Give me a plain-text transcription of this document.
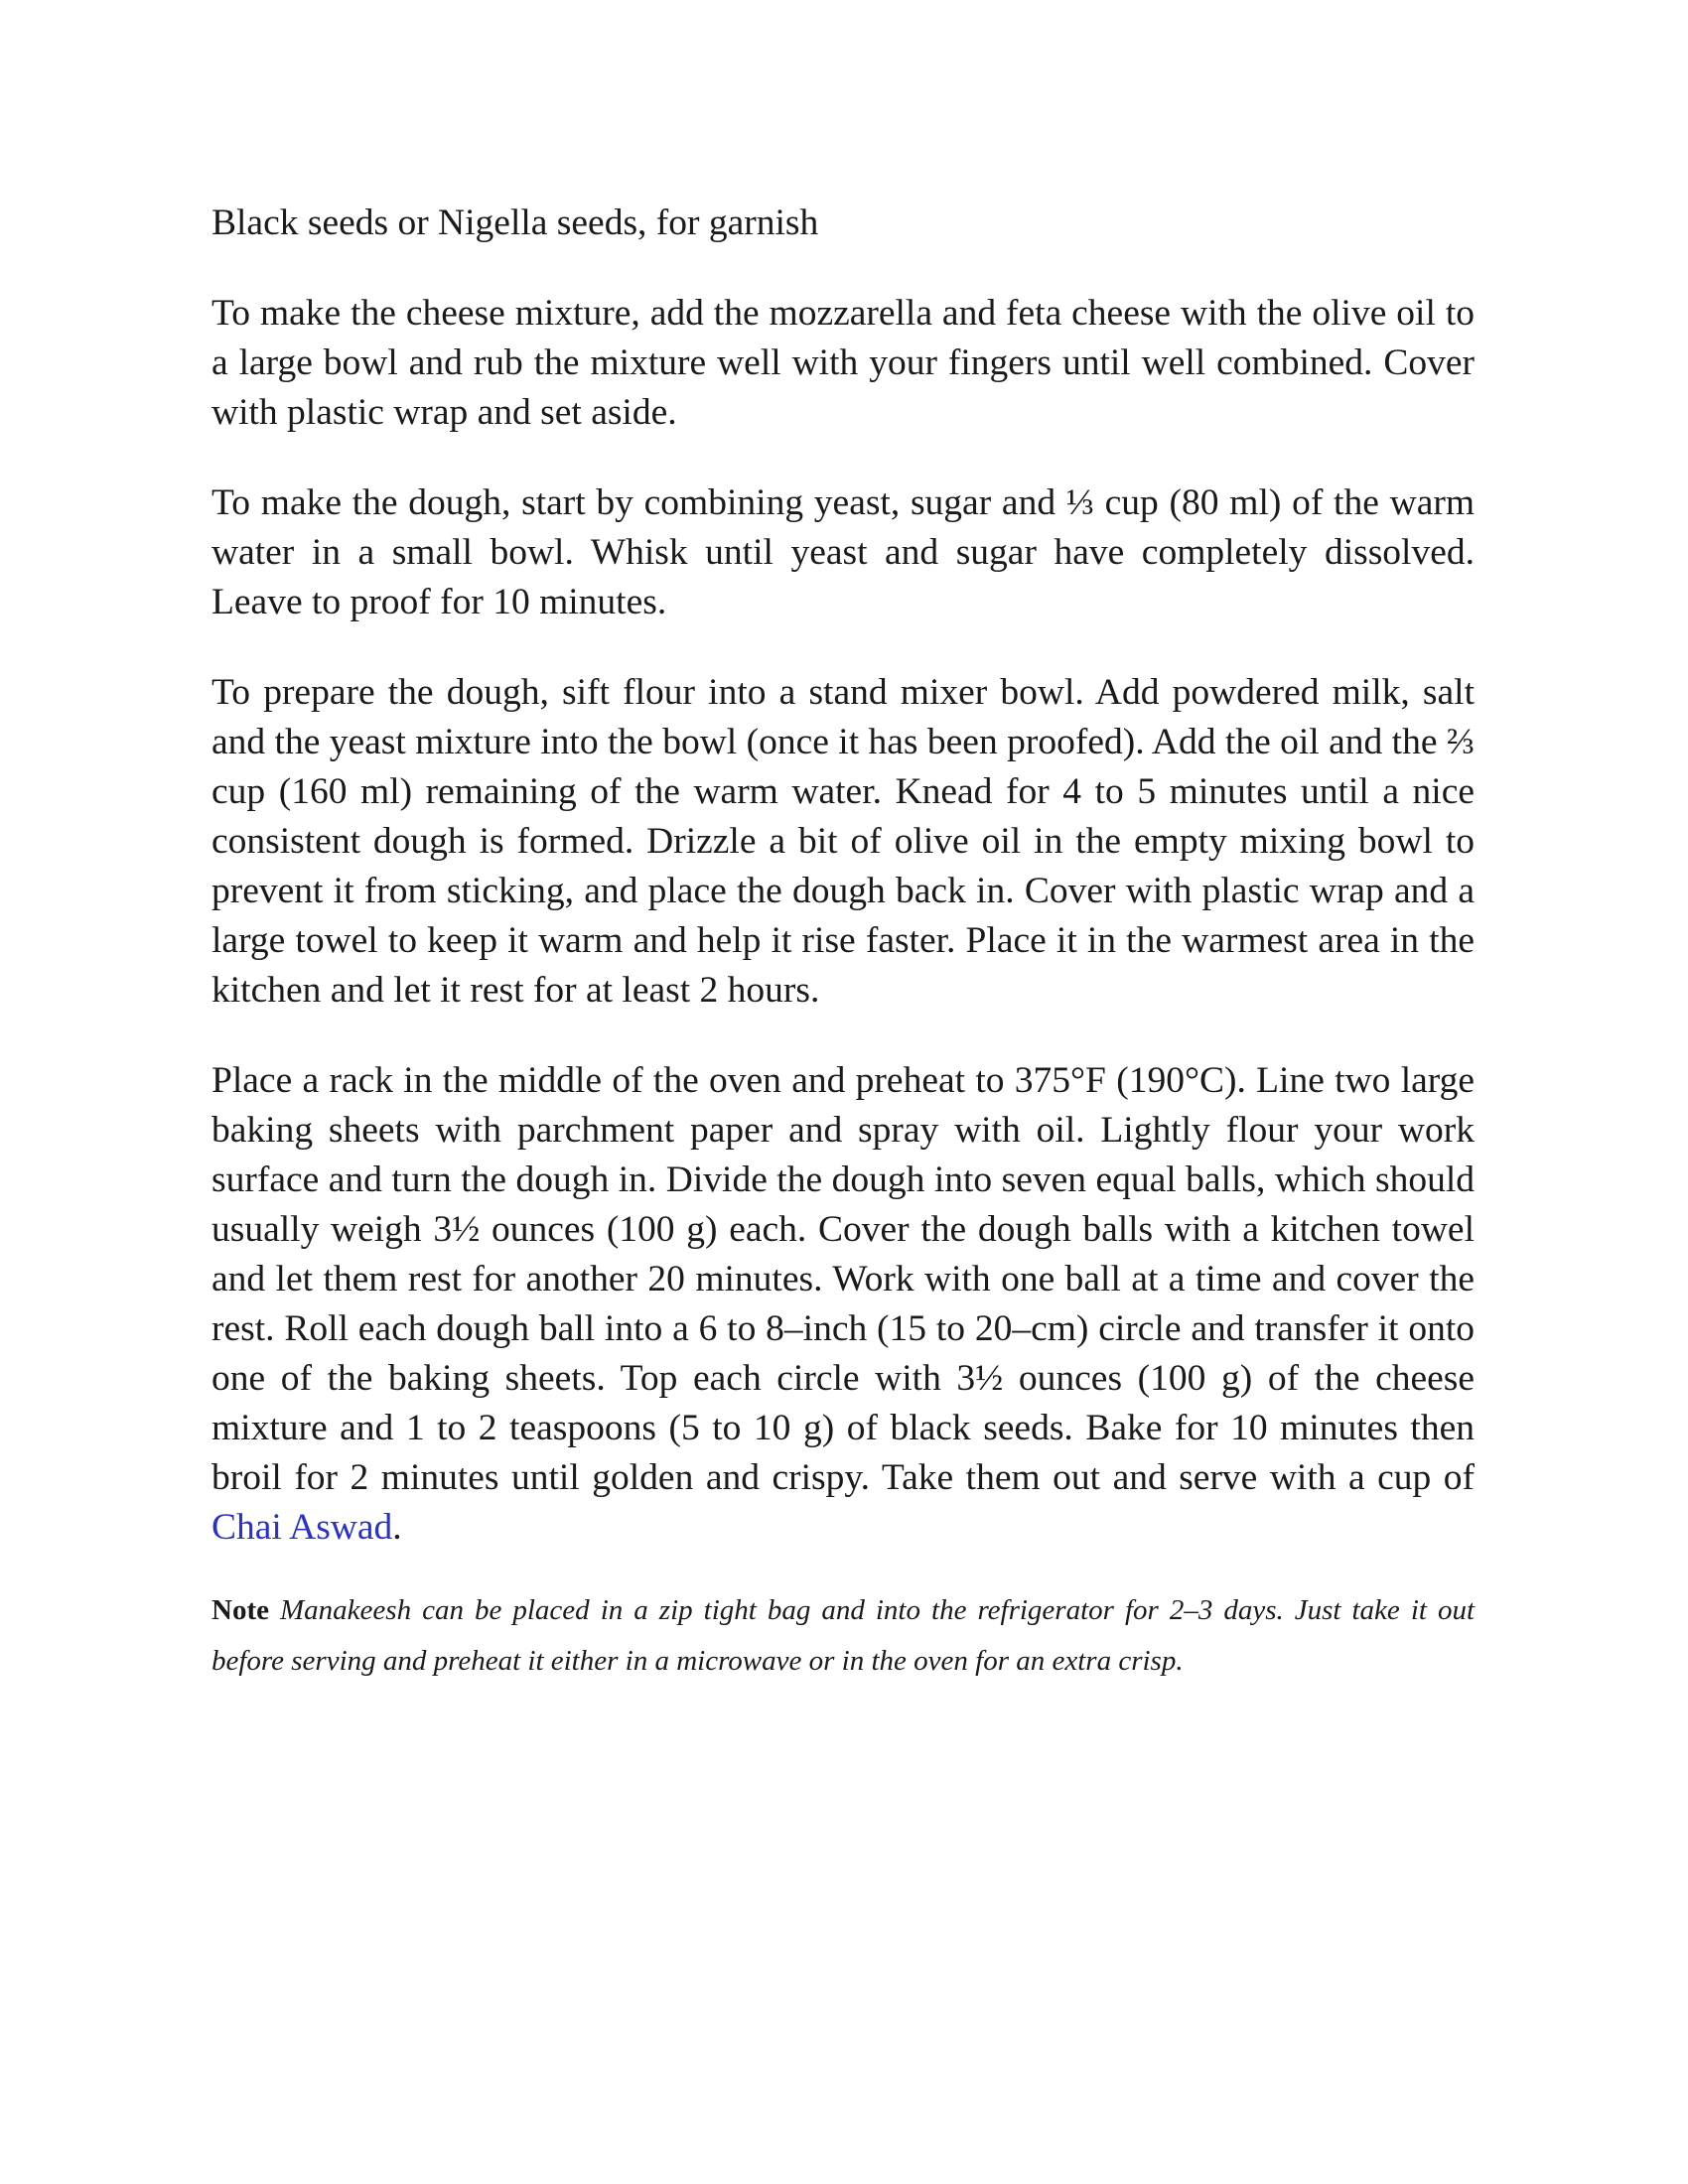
Black seeds or Nigella seeds, for garnish

To make the cheese mixture, add the mozzarella and feta cheese with the olive oil to a large bowl and rub the mixture well with your fingers until well combined. Cover with plastic wrap and set aside.

To make the dough, start by combining yeast, sugar and ⅓ cup (80 ml) of the warm water in a small bowl. Whisk until yeast and sugar have completely dissolved. Leave to proof for 10 minutes.

To prepare the dough, sift flour into a stand mixer bowl. Add powdered milk, salt and the yeast mixture into the bowl (once it has been proofed). Add the oil and the ⅔ cup (160 ml) remaining of the warm water. Knead for 4 to 5 minutes until a nice consistent dough is formed. Drizzle a bit of olive oil in the empty mixing bowl to prevent it from sticking, and place the dough back in. Cover with plastic wrap and a large towel to keep it warm and help it rise faster. Place it in the warmest area in the kitchen and let it rest for at least 2 hours.

Place a rack in the middle of the oven and preheat to 375°F (190°C). Line two large baking sheets with parchment paper and spray with oil. Lightly flour your work surface and turn the dough in. Divide the dough into seven equal balls, which should usually weigh 3½ ounces (100 g) each. Cover the dough balls with a kitchen towel and let them rest for another 20 minutes. Work with one ball at a time and cover the rest. Roll each dough ball into a 6 to 8–inch (15 to 20–cm) circle and transfer it onto one of the baking sheets. Top each circle with 3½ ounces (100 g) of the cheese mixture and 1 to 2 teaspoons (5 to 10 g) of black seeds. Bake for 10 minutes then broil for 2 minutes until golden and crispy. Take them out and serve with a cup of Chai Aswad.

Note Manakeesh can be placed in a zip tight bag and into the refrigerator for 2–3 days. Just take it out before serving and preheat it either in a microwave or in the oven for an extra crisp.
